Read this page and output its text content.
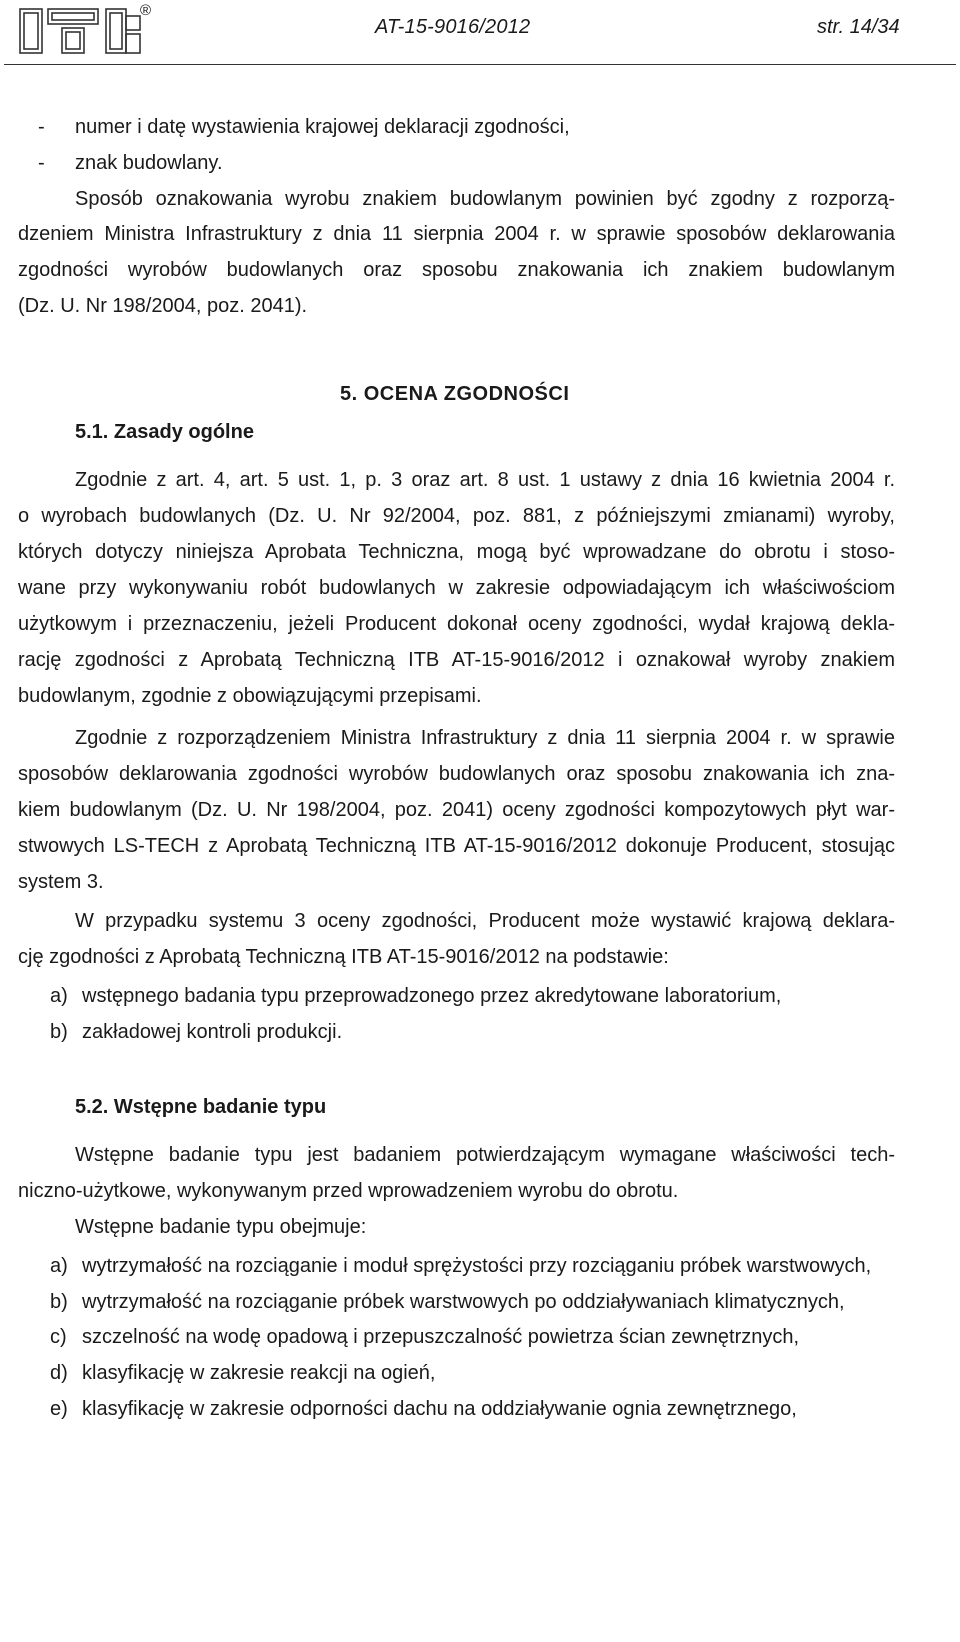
®
AT-15-9016/2012	str. 14/34
- numer i datę wystawienia krajowej deklaracji zgodności,
- znak budowlany.
Sposób oznakowania wyrobu znakiem budowlanym powinien być zgodny z rozporzą-
dzeniem Ministra Infrastruktury z dnia 11 sierpnia 2004 r. w sprawie sposobów deklarowania
zgodności wyrobów budowlanych oraz sposobu znakowania ich znakiem budowlanym
(Dz. U. Nr 198/2004, poz. 2041).
5. OCENA ZGODNOŚCI
5.1. Zasady ogólne
Zgodnie z art. 4, art. 5 ust. 1, p. 3 oraz art. 8 ust. 1 ustawy z dnia 16 kwietnia 2004 r.
o wyrobach budowlanych (Dz. U. Nr 92/2004, poz. 881, z późniejszymi zmianami) wyroby,
których dotyczy niniejsza Aprobata Techniczna, mogą być wprowadzane do obrotu i stoso-
wane przy wykonywaniu robót budowlanych w zakresie odpowiadającym ich właściwościom
użytkowym i przeznaczeniu, jeżeli Producent dokonał oceny zgodności, wydał krajową dekla-
rację zgodności z Aprobatą Techniczną ITB AT-15-9016/2012 i oznakował wyroby znakiem
budowlanym, zgodnie z obowiązującymi przepisami.
Zgodnie z rozporządzeniem Ministra Infrastruktury z dnia 11 sierpnia 2004 r. w sprawie
sposobów deklarowania zgodności wyrobów budowlanych oraz sposobu znakowania ich zna-
kiem budowlanym (Dz. U. Nr 198/2004, poz. 2041) oceny zgodności kompozytowych płyt war-
stwowych LS-TECH z Aprobatą Techniczną ITB AT-15-9016/2012 dokonuje Producent, stosując
system 3.
W przypadku systemu 3 oceny zgodności, Producent może wystawić krajową deklara-
cję zgodności z Aprobatą Techniczną ITB AT-15-9016/2012 na podstawie:
a) wstępnego badania typu przeprowadzonego przez akredytowane laboratorium,
b) zakładowej kontroli produkcji.
5.2. Wstępne badanie typu
Wstępne badanie typu jest badaniem potwierdzającym wymagane właściwości tech-
niczno-użytkowe, wykonywanym przed wprowadzeniem wyrobu do obrotu.
Wstępne badanie typu obejmuje:
a) wytrzymałość na rozciąganie i moduł sprężystości przy rozciąganiu próbek warstwowych,
b) wytrzymałość na rozciąganie próbek warstwowych po oddziaływaniach klimatycznych,
c) szczelność na wodę opadową i przepuszczalność powietrza ścian zewnętrznych,
d) klasyfikację w zakresie reakcji na ogień,
e) klasyfikację w zakresie odporności dachu na oddziaływanie ognia zewnętrznego,
